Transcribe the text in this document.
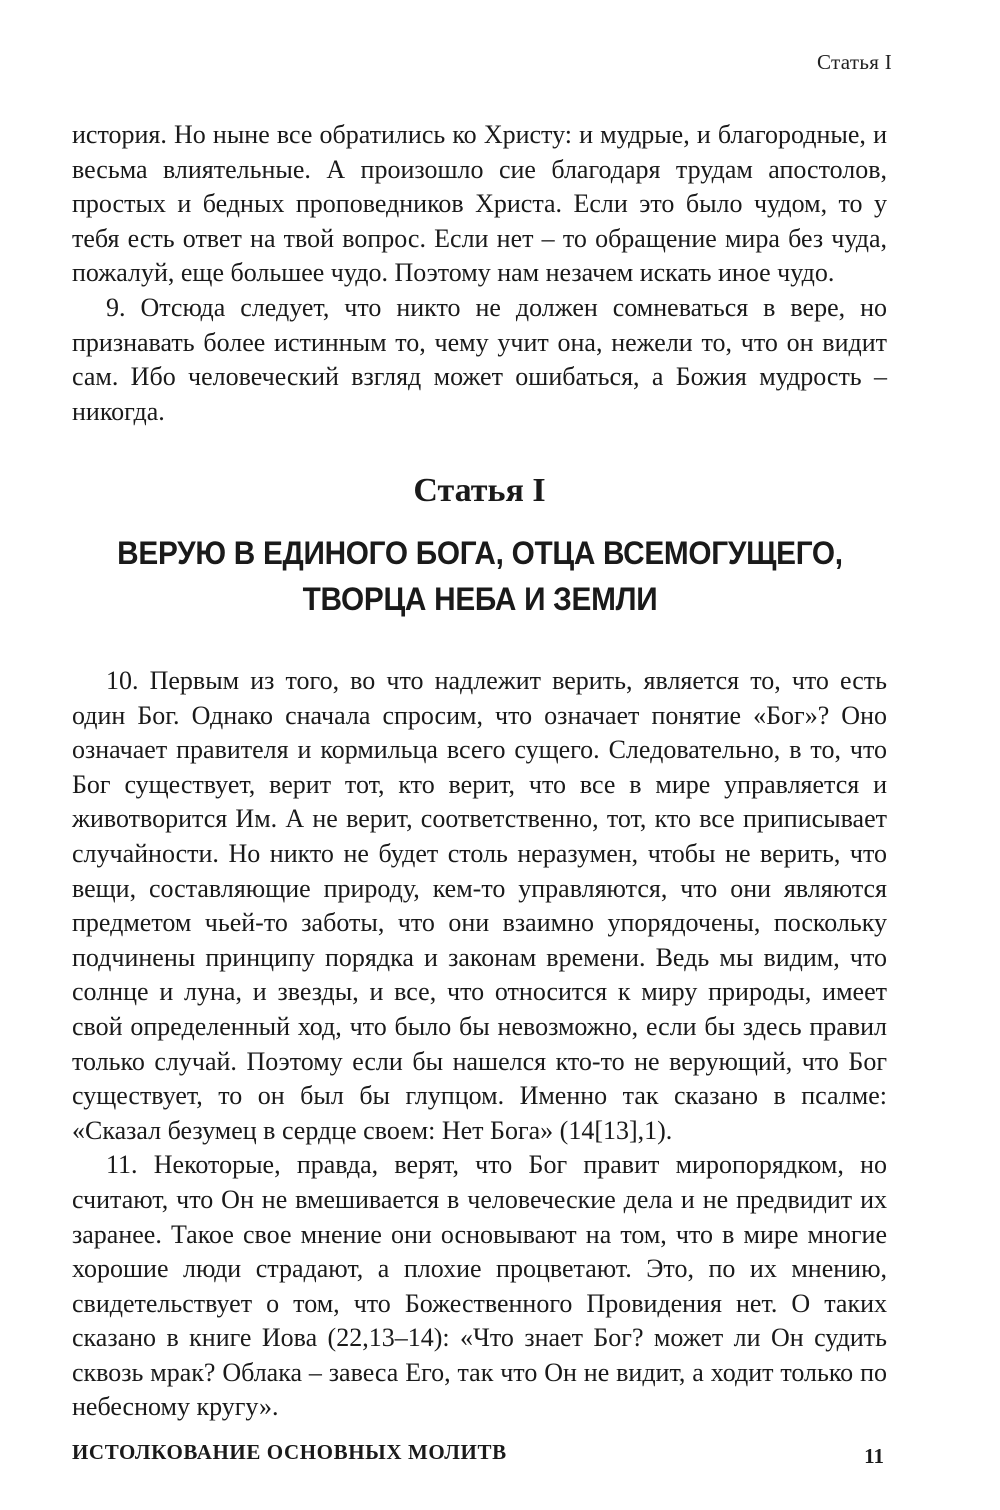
Статья I

история. Но ныне все обратились ко Христу: и мудрые, и благородные, и весьма влиятельные. А произошло сие благодаря трудам апостолов, простых и бедных проповедников Христа. Если это было чудом, то у тебя есть ответ на твой вопрос. Если нет – то обращение мира без чуда, пожалуй, еще большее чудо. Поэтому нам незачем искать иное чудо.

9. Отсюда следует, что никто не должен сомневаться в вере, но признавать более истинным то, чему учит она, нежели то, что он видит сам. Ибо человеческий взгляд может ошибаться, а Божия мудрость – никогда.

Статья I
ВЕРУЮ В ЕДИНОГО БОГА, ОТЦА ВСЕМОГУЩЕГО,
ТВОРЦА НЕБА И ЗЕМЛИ

10. Первым из того, во что надлежит верить, является то, что есть один Бог. Однако сначала спросим, что означает понятие «Бог»? Оно означает правителя и кормильца всего сущего. Следовательно, в то, что Бог существует, верит тот, кто верит, что все в мире управляется и животворится Им. А не верит, соответственно, тот, кто все приписывает случайности. Но никто не будет столь неразумен, чтобы не верить, что вещи, составляющие природу, кем-то управляются, что они являются предметом чьей-то заботы, что они взаимно упорядочены, поскольку подчинены принципу порядка и законам времени. Ведь мы видим, что солнце и луна, и звезды, и все, что относится к миру природы, имеет свой определенный ход, что было бы невозможно, если бы здесь правил только случай. Поэтому если бы нашелся кто-то не верующий, что Бог существует, то он был бы глупцом. Именно так сказано в псалме: «Сказал безумец в сердце своем: Нет Бога» (14[13],1).

11. Некоторые, правда, верят, что Бог правит миропорядком, но считают, что Он не вмешивается в человеческие дела и не предвидит их заранее. Такое свое мнение они основывают на том, что в мире многие хорошие люди страдают, а плохие процветают. Это, по их мнению, свидетельствует о том, что Божественного Провидения нет. О таких сказано в книге Иова (22,13–14): «Что знает Бог? может ли Он судить сквозь мрак? Облака – завеса Его, так что Он не видит, а ходит только по небесному кругу».

ИСТОЛКОВАНИЕ ОСНОВНЫХ МОЛИТВ	11
